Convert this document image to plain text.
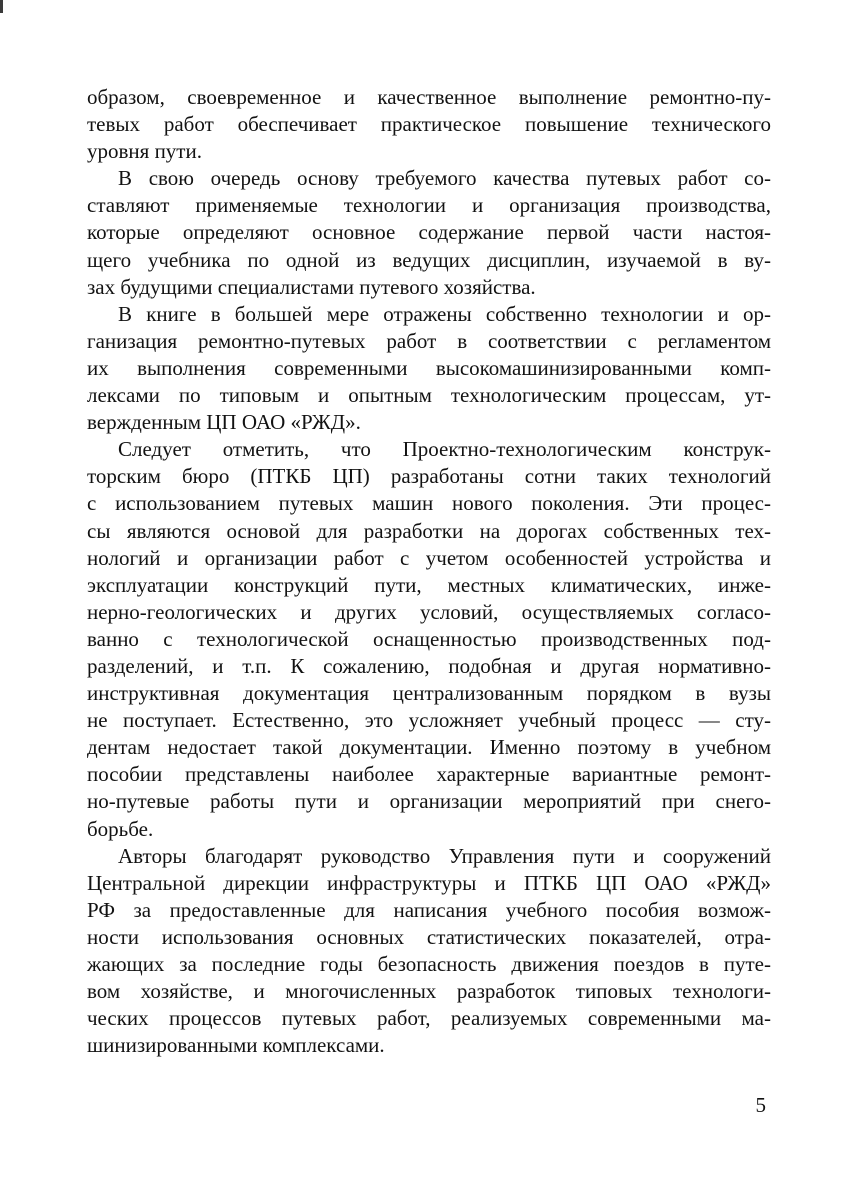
образом, своевременное и качественное выполнение ремонтно-пу-
тевых работ обеспечивает практическое повышение технического
уровня пути.
В свою очередь основу требуемого качества путевых работ со-
ставляют применяемые технологии и организация производства,
которые определяют основное содержание первой части настоя-
щего учебника по одной из ведущих дисциплин, изучаемой в ву-
зах будущими специалистами путевого хозяйства.
В книге в большей мере отражены собственно технологии и ор-
ганизация ремонтно-путевых работ в соответствии с регламентом
их выполнения современными высокомашинизированными комп-
лексами по типовым и опытным технологическим процессам, ут-
вержденным ЦП ОАО «РЖД».
Следует отметить, что Проектно-технологическим конструк-
торским бюро (ПТКБ ЦП) разработаны сотни таких технологий
с использованием путевых машин нового поколения. Эти процес-
сы являются основой для разработки на дорогах собственных тех-
нологий и организации работ с учетом особенностей устройства и
эксплуатации конструкций пути, местных климатических, инже-
нерно-геологических и других условий, осуществляемых согласо-
ванно с технологической оснащенностью производственных под-
разделений, и т.п. К сожалению, подобная и другая нормативно-
инструктивная документация централизованным порядком в вузы
не поступает. Естественно, это усложняет учебный процесс — сту-
дентам недостает такой документации. Именно поэтому в учебном
пособии представлены наиболее характерные вариантные ремонт-
но-путевые работы пути и организации мероприятий при снего-
борьбе.
Авторы благодарят руководство Управления пути и сооружений
Центральной дирекции инфраструктуры и ПТКБ ЦП ОАО «РЖД»
РФ за предоставленные для написания учебного пособия возмож-
ности использования основных статистических показателей, отра-
жающих за последние годы безопасность движения поездов в путе-
вом хозяйстве, и многочисленных разработок типовых технологи-
ческих процессов путевых работ, реализуемых современными ма-
шинизированными комплексами.
5
